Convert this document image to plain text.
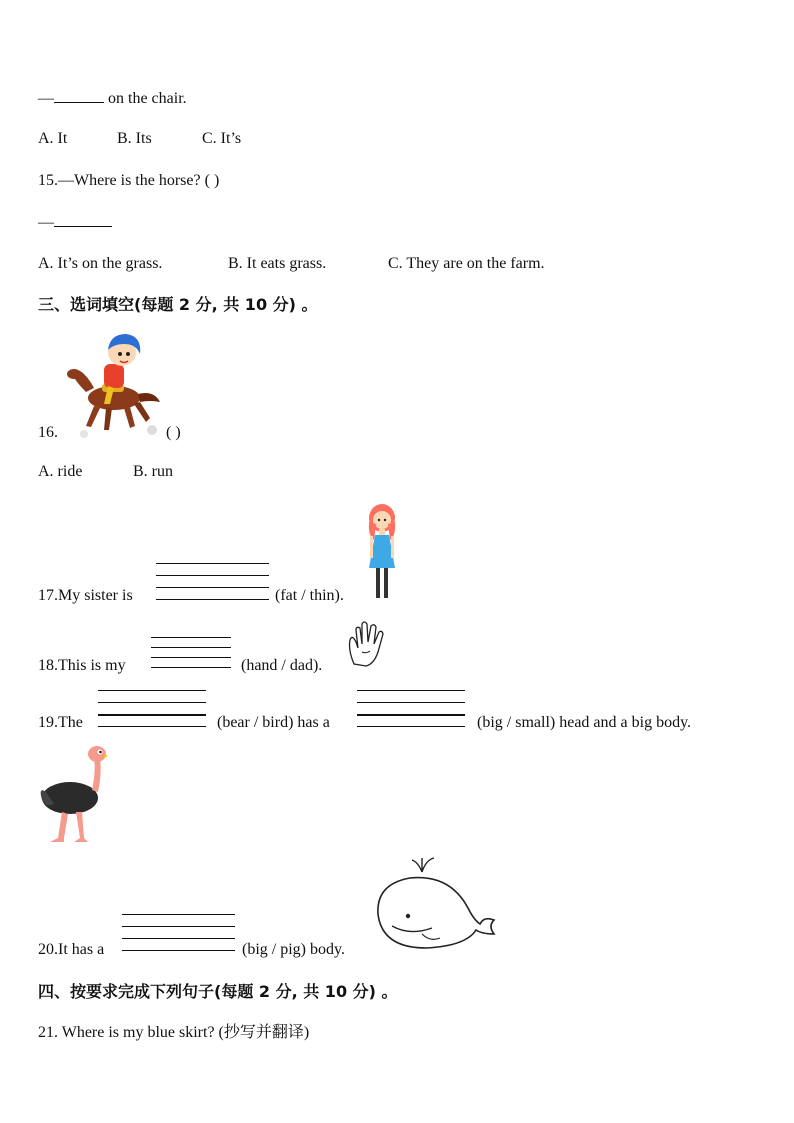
—	on the chair.
A. It	B. Its	C. It’s
15.—Where is the horse? ( )
—
A. It’s on the grass.	B. It eats grass.	C. They are on the farm.
三、选词填空(每题 2 分, 共 10 分) 。
16.	( )
A. ride	B. run
17.My sister is	(fat / thin).
18.This is my	(hand / dad).
19.The	(bear / bird) has a	(big / small) head and a big body.
20.It has a	(big / pig) body.
四、按要求完成下列句子(每题 2 分, 共 10 分) 。
21. Where is my blue skirt? (抄写并翻译)
